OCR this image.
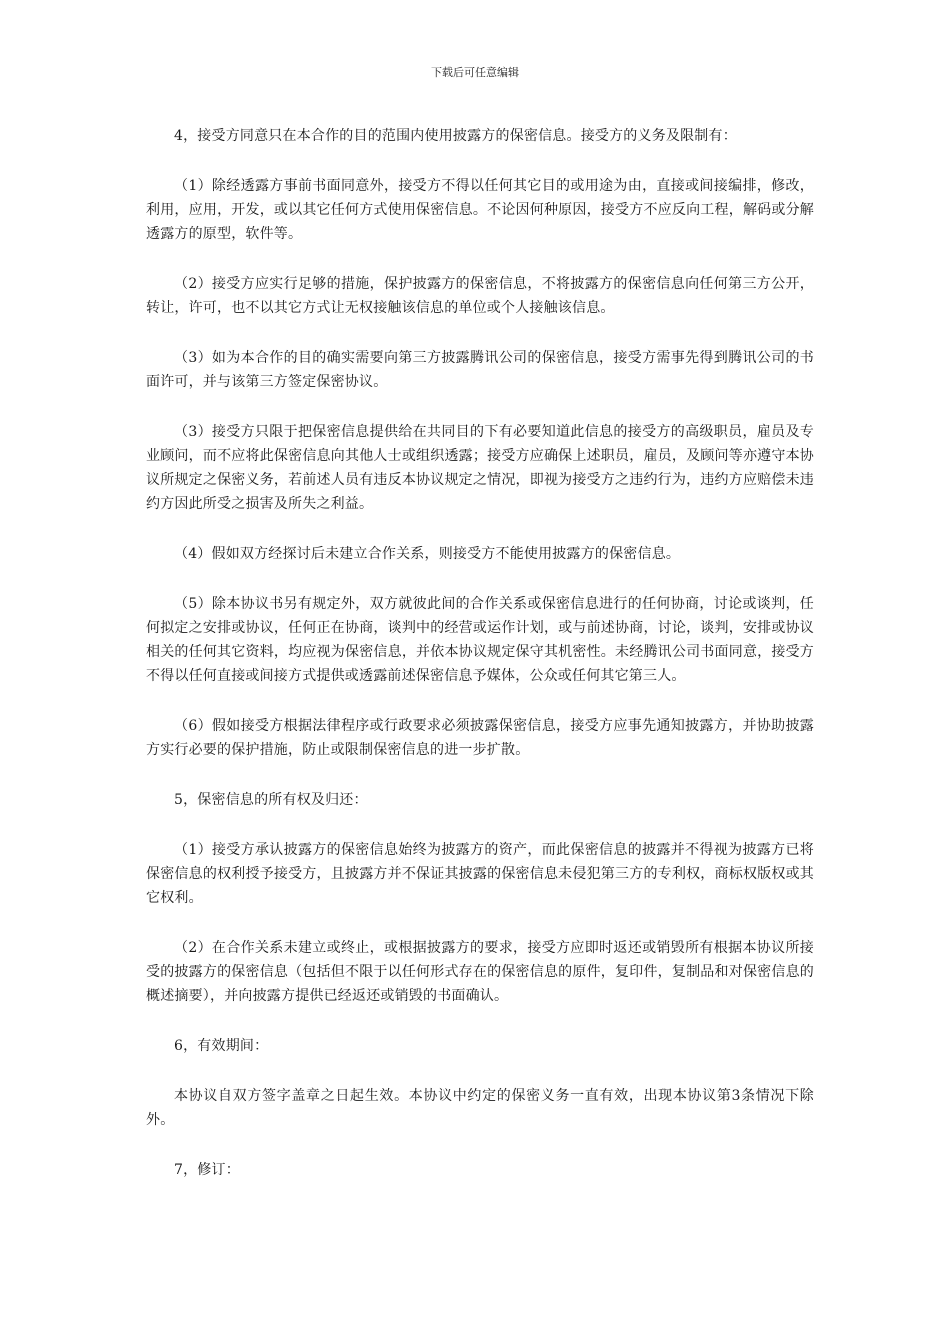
下载后可任意编辑

4，接受方同意只在本合作的目的范围内使用披露方的保密信息。接受方的义务及限制有：

（1）除经透露方事前书面同意外，接受方不得以任何其它目的或用途为由，直接或间接编排，修改，利用，应用，开发，或以其它任何方式使用保密信息。不论因何种原因，接受方不应反向工程，解码或分解透露方的原型，软件等。

（2）接受方应实行足够的措施，保护披露方的保密信息，不将披露方的保密信息向任何第三方公开，转让，许可，也不以其它方式让无权接触该信息的单位或个人接触该信息。

（3）如为本合作的目的确实需要向第三方披露腾讯公司的保密信息，接受方需事先得到腾讯公司的书面许可，并与该第三方签定保密协议。

（3）接受方只限于把保密信息提供给在共同目的下有必要知道此信息的接受方的高级职员，雇员及专业顾问，而不应将此保密信息向其他人士或组织透露；接受方应确保上述职员，雇员，及顾问等亦遵守本协议所规定之保密义务，若前述人员有违反本协议规定之情况，即视为接受方之违约行为，违约方应赔偿未违约方因此所受之损害及所失之利益。

（4）假如双方经探讨后未建立合作关系，则接受方不能使用披露方的保密信息。

（5）除本协议书另有规定外，双方就彼此间的合作关系或保密信息进行的任何协商，讨论或谈判，任何拟定之安排或协议，任何正在协商，谈判中的经营或运作计划，或与前述协商，讨论，谈判，安排或协议相关的任何其它资料，均应视为保密信息，并依本协议规定保守其机密性。未经腾讯公司书面同意，接受方不得以任何直接或间接方式提供或透露前述保密信息予媒体，公众或任何其它第三人。

（6）假如接受方根据法律程序或行政要求必须披露保密信息，接受方应事先通知披露方，并协助披露方实行必要的保护措施，防止或限制保密信息的进一步扩散。

5，保密信息的所有权及归还：

（1）接受方承认披露方的保密信息始终为披露方的资产，而此保密信息的披露并不得视为披露方已将保密信息的权利授予接受方，且披露方并不保证其披露的保密信息未侵犯第三方的专利权，商标权版权或其它权利。

（2）在合作关系未建立或终止，或根据披露方的要求，接受方应即时返还或销毁所有根据本协议所接受的披露方的保密信息（包括但不限于以任何形式存在的保密信息的原件，复印件，复制品和对保密信息的概述摘要），并向披露方提供已经返还或销毁的书面确认。

6，有效期间：

本协议自双方签字盖章之日起生效。本协议中约定的保密义务一直有效，出现本协议第3条情况下除外。

7，修订：
